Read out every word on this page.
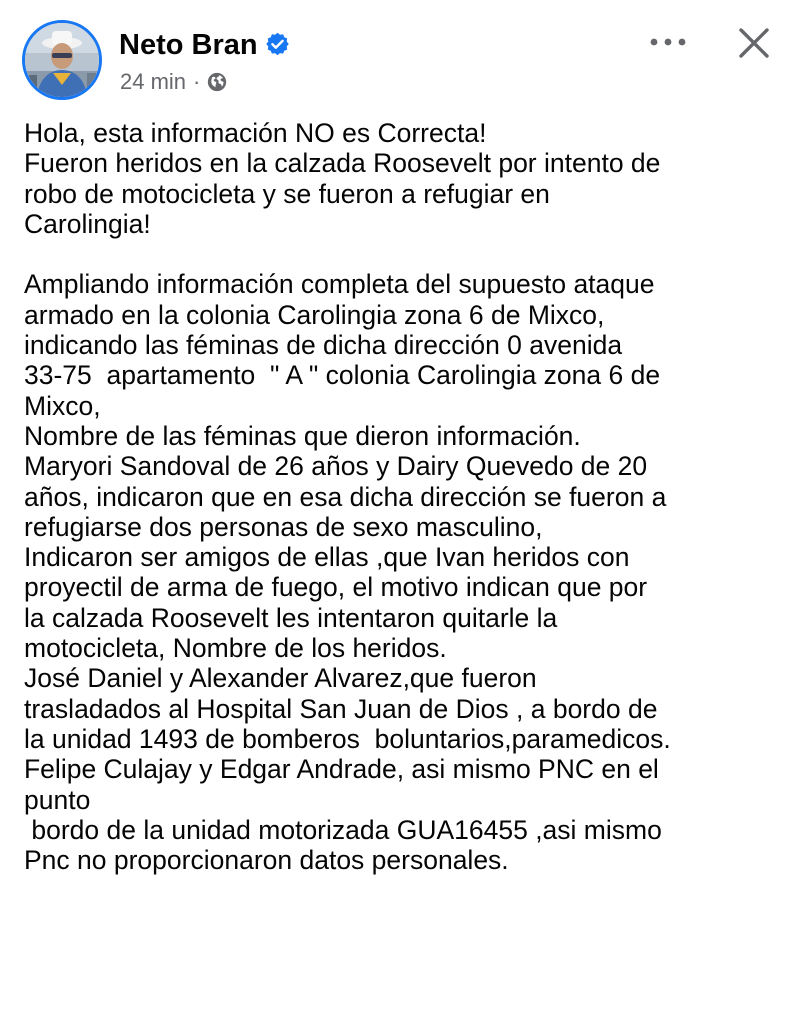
Neto Bran
24 min ·
Hola, esta información NO es Correcta!
Fueron heridos en la calzada Roosevelt por intento de
robo de motocicleta y se fueron a refugiar en
Carolingia!
Ampliando información completa del supuesto ataque
armado en la colonia Carolingia zona 6 de Mixco,
indicando las féminas de dicha dirección 0 avenida
33-75  apartamento  " A " colonia Carolingia zona 6 de
Mixco,
Nombre de las féminas que dieron información.
Maryori Sandoval de 26 años y Dairy Quevedo de 20
años, indicaron que en esa dicha dirección se fueron a
refugiarse dos personas de sexo masculino,
Indicaron ser amigos de ellas ,que Ivan heridos con
proyectil de arma de fuego, el motivo indican que por
la calzada Roosevelt les intentaron quitarle la
motocicleta, Nombre de los heridos.
José Daniel y Alexander Alvarez,que fueron
trasladados al Hospital San Juan de Dios , a bordo de
la unidad 1493 de bomberos  boluntarios,paramedicos.
Felipe Culajay y Edgar Andrade, asi mismo PNC en el
punto
bordo de la unidad motorizada GUA16455 ,asi mismo
Pnc no proporcionaron datos personales.
